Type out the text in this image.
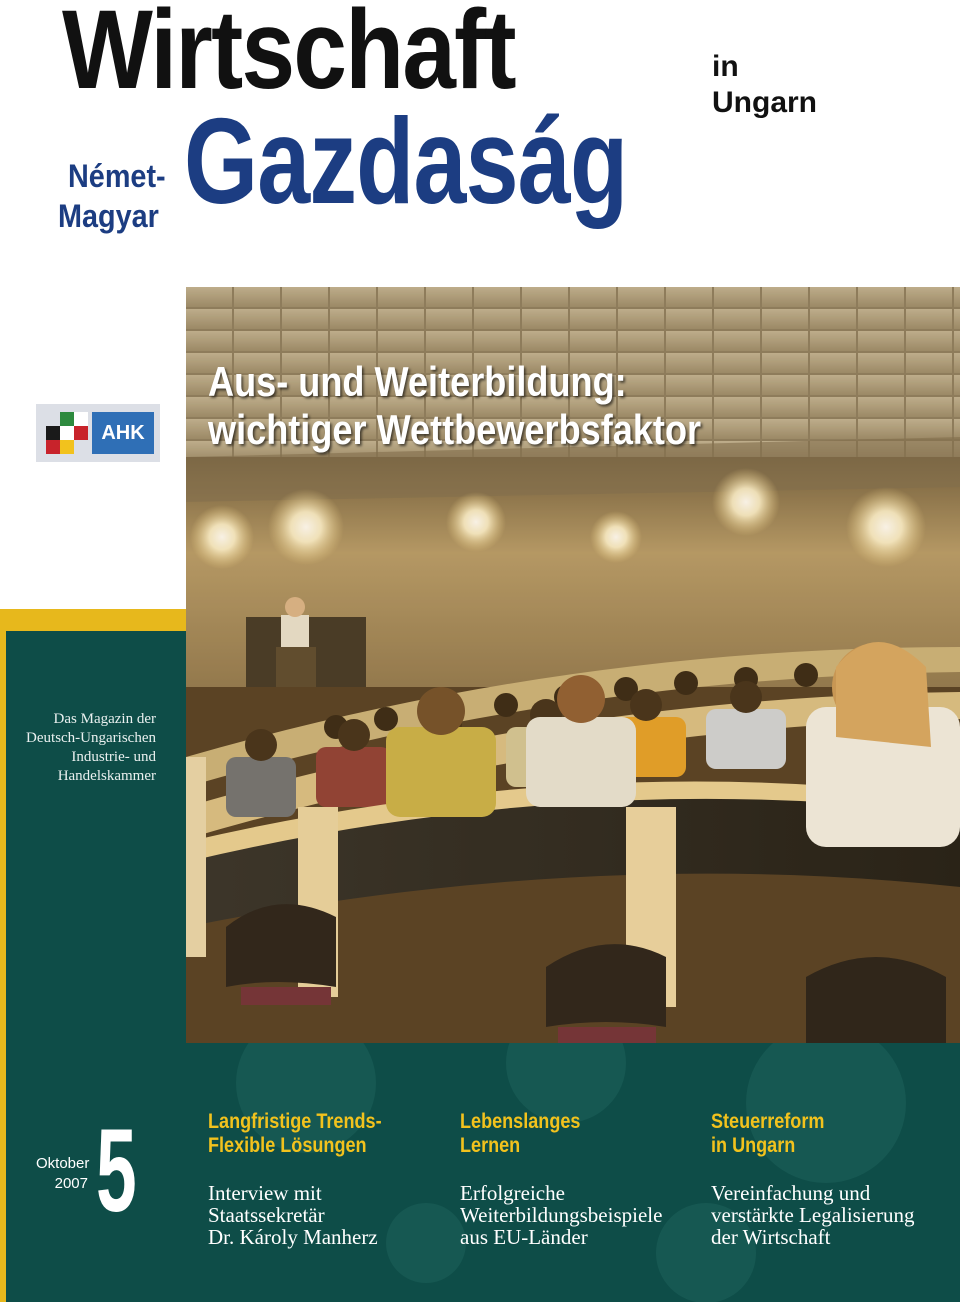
Wirtschaft	in
Ungarn
Német-
Magyar Gazdaság
AHK
Aus- und Weiterbildung:
wichtiger Wettbewerbsfaktor
Das Magazin der
Deutsch-Ungarischen
Industrie- und
Handelskammer
Oktober
2007 5	Langfristige Trends-
Flexible Lösungen
Interview mit
Staatssekretär
Dr. Károly Manherz
Lebenslanges
Lernen
Erfolgreiche
Weiterbildungsbeispiele
aus EU-Länder
Steuerreform
in Ungarn
Vereinfachung und
verstärkte Legalisierung
der Wirtschaft
